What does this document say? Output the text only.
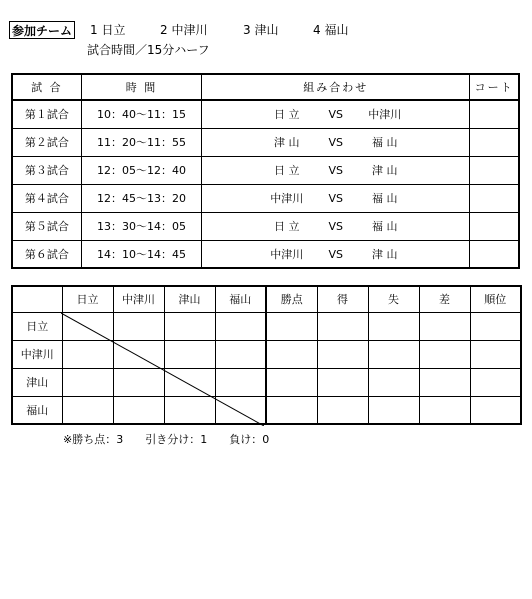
参加チーム 1 日立	2 中津川	3 津山	4 福山
試合時間／15分ハーフ
試 合	時 間	組み合わせ	コート
第１試合	10：40～11：15	日 立 VS 中津川	
第２試合	11：20～11：55	津 山 VS 福 山	
第３試合	12：05～12：40	日 立 VS 津 山	
第４試合	12：45～13：20	中津川 VS 福 山	
第５試合	13：30～14：05	日 立 VS 福 山	
第６試合	14：10～14：45	中津川 VS 津 山	
	日立	中津川	津山	福山	勝点	得	失	差	順位
日立									
中津川									
津山									
福山									
※勝ち点：3　　引き分け：1　　負け：0
